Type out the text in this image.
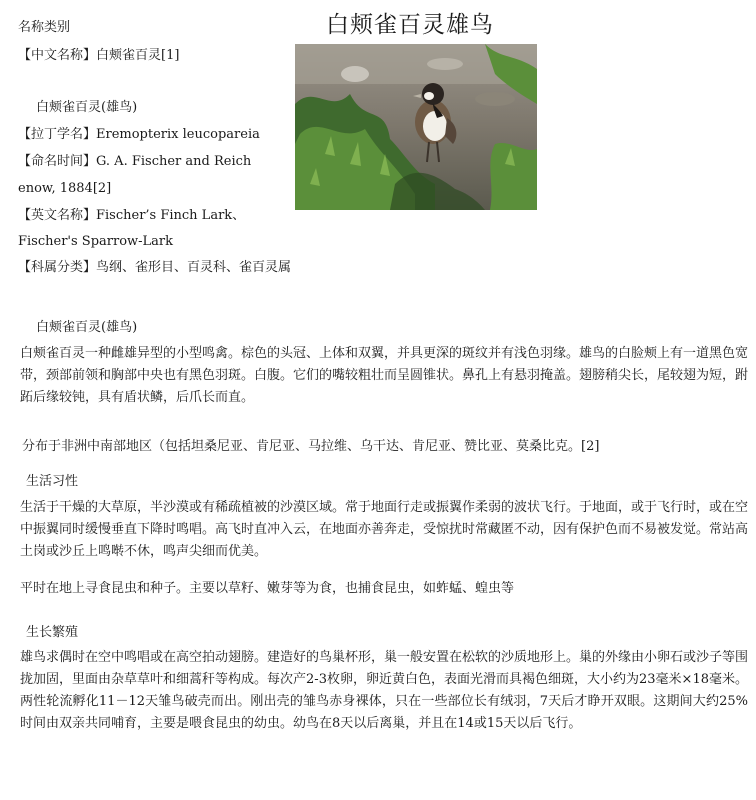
白颊雀百灵雄鸟
名称类别
【中文名称】白颊雀百灵[1]
白颊雀百灵(雄鸟)
【拉丁学名】Eremopterix leucopareia
【命名时间】G. A. Fischer and Reich
enow, 1884[2]
【英文名称】Fischer’s Finch Lark、
Fischer's Sparrow-Lark
【科属分类】鸟纲、雀形目、百灵科、雀百灵属
白颊雀百灵(雄鸟)
白颊雀百灵一种雌雄异型的小型鸣禽。棕色的头冠、上体和双翼，并具更深的斑纹并有浅色羽缘。雄鸟的白脸颊上有一道黑色宽带，颈部前领和胸部中央也有黑色羽斑。白腹。它们的嘴较粗壮而呈圆锥状。鼻孔上有悬羽掩盖。翅膀稍尖长，尾较翅为短，跗跖后缘较钝，具有盾状鳞，后爪长而直。
分布于非洲中南部地区（包括坦桑尼亚、肯尼亚、马拉维、乌干达、肯尼亚、赞比亚、莫桑比克。[2]
生活习性
生活于干燥的大草原，半沙漠或有稀疏植被的沙漠区域。常于地面行走或振翼作柔弱的波状飞行。于地面，或于飞行时，或在空中振翼同时缓慢垂直下降时鸣唱。高飞时直冲入云，在地面亦善奔走，受惊扰时常藏匿不动，因有保护色而不易被发觉。常站高土岗或沙丘上鸣啭不休，鸣声尖细而优美。
平时在地上寻食昆虫和种子。主要以草籽、嫩芽等为食，也捕食昆虫，如蚱蜢、蝗虫等
生长繁殖
雄鸟求偶时在空中鸣唱或在高空拍动翅膀。建造好的鸟巢杯形，巢一般安置在松软的沙质地形上。巢的外缘由小卵石或沙子等围拢加固，里面由杂草草叶和细蒿秆等构成。每次产2-3枚卵，卵近黄白色，表面光滑而具褐色细斑，大小约为23毫米×18毫米。两性轮流孵化11－12天雏鸟破壳而出。刚出壳的雏鸟赤身裸体，只在一些部位长有绒羽，7天后才睁开双眼。这期间大约25%时间由双亲共同哺育，主要是喂食昆虫的幼虫。幼鸟在8天以后离巢，并且在14或15天以后飞行。
